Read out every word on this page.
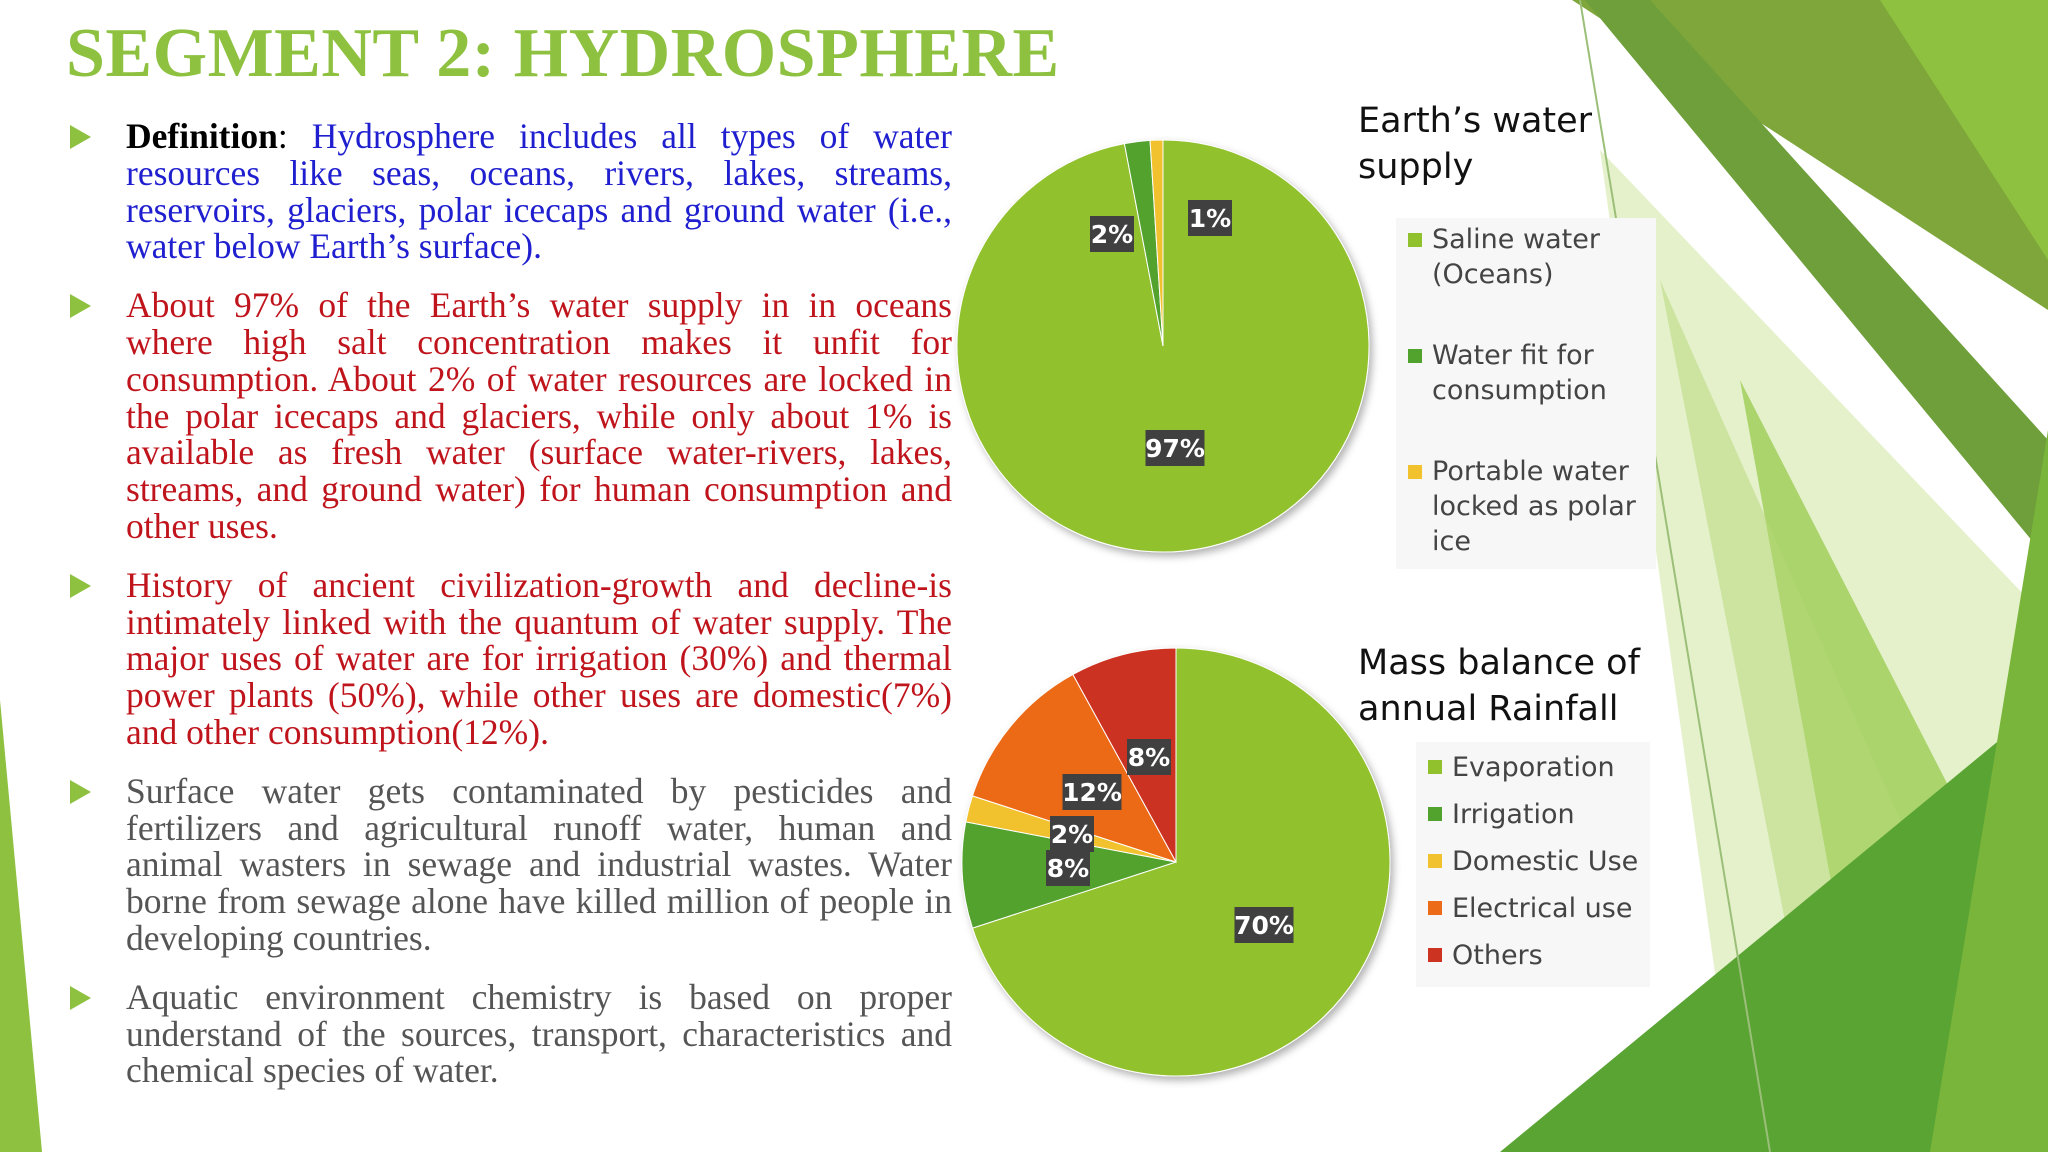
SEGMENT 2: HYDROSPHERE
Definition: Hydrosphere includes all types of water resources like seas, oceans, rivers, lakes, streams, reservoirs, glaciers, polar icecaps and ground water (i.e., water below Earth’s surface).
About 97% of the Earth’s water supply in in oceans where high salt concentration makes it unfit for consumption. About 2% of water resources are locked in the polar icecaps and glaciers, while only about 1% is available as fresh water (surface water-rivers, lakes, streams, and ground water) for human consumption and other uses.
History of ancient civilization-growth and decline-is intimately linked with the quantum of water supply. The major uses of water are for irrigation (30%) and thermal power plants (50%), while other uses are domestic(7%) and other consumption(12%).
Surface water gets contaminated by pesticides and fertilizers and agricultural runoff water, human and animal wasters in sewage and industrial wastes. Water borne from sewage alone have killed million of people in developing countries.
Aquatic environment chemistry is based on proper understand of the sources, transport, characteristics and chemical species of water.
97%
2%
1%
70%
8%
2%
12%
8%
Earth’s water supply
Saline water (Oceans)
Water fit for consumption
Portable water locked as polar ice
Mass balance of annual Rainfall
Evaporation
Irrigation
Domestic Use
Electrical use
Others
